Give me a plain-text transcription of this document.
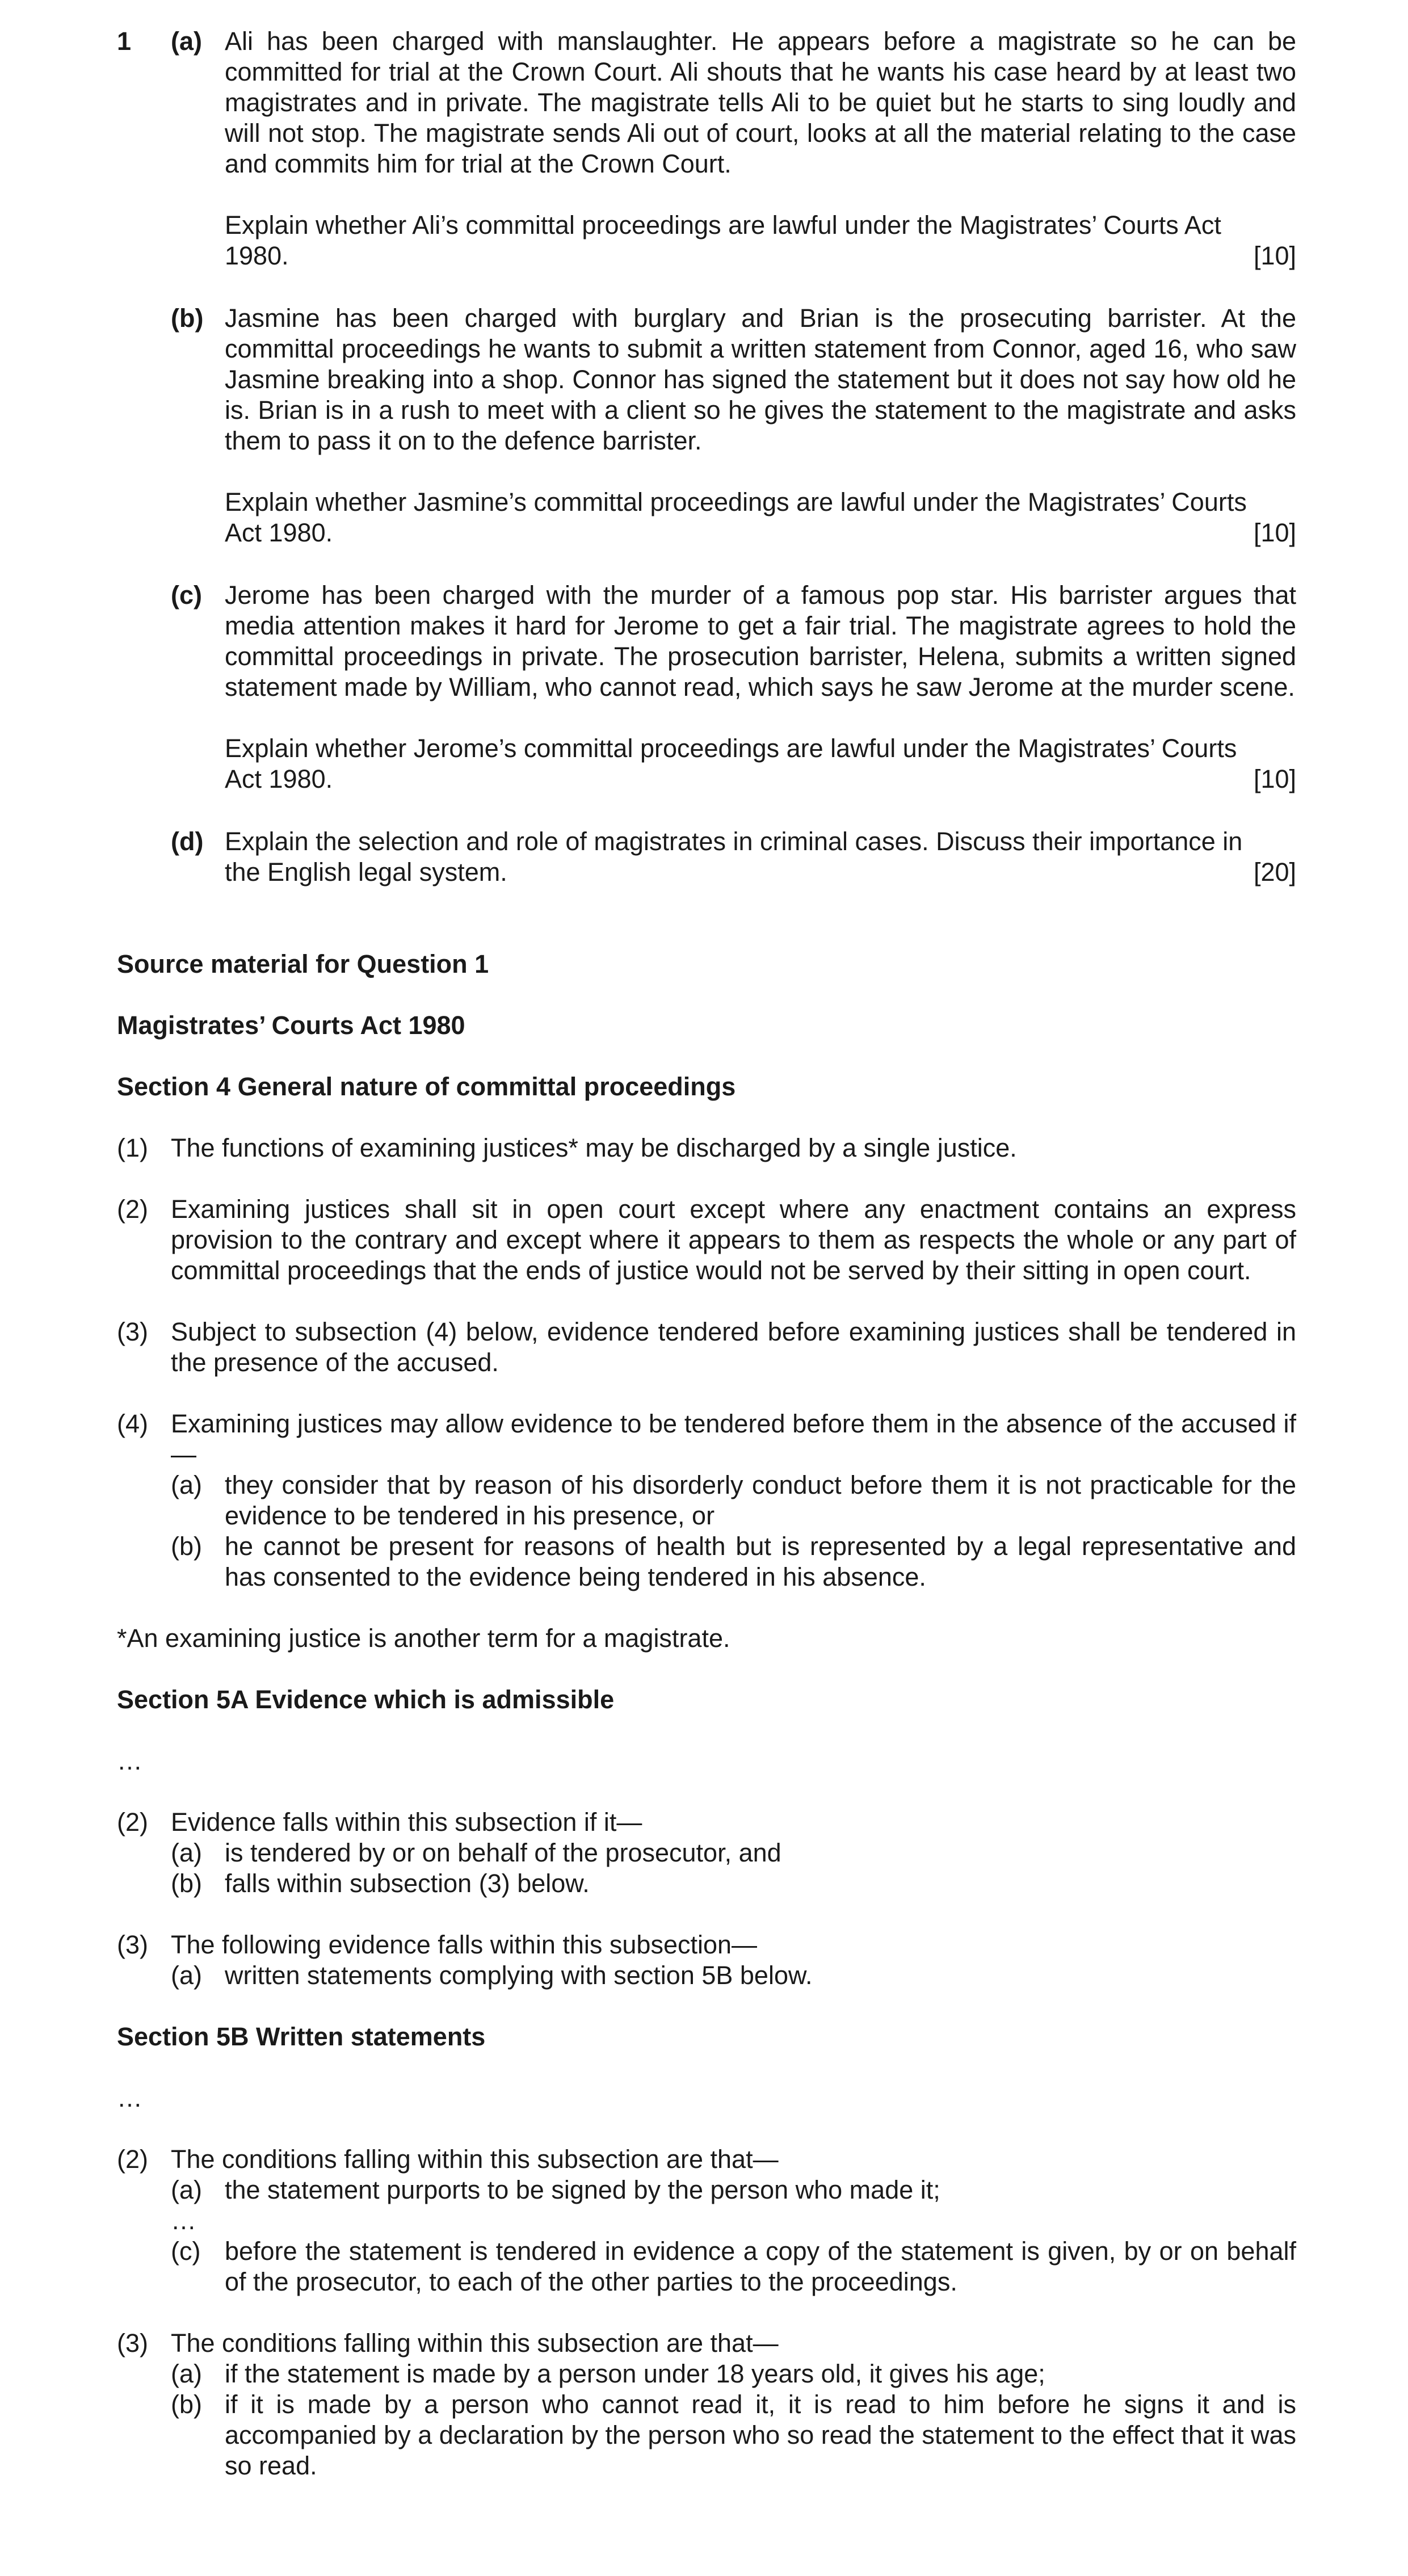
1 (a) Ali has been charged with manslaughter. He appears before a magistrate so he can be committed for trial at the Crown Court. Ali shouts that he wants his case heard by at least two magistrates and in private. The magistrate tells Ali to be quiet but he starts to sing loudly and will not stop. The magistrate sends Ali out of court, looks at all the material relating to the case and commits him for trial at the Crown Court.

Explain whether Ali’s committal proceedings are lawful under the Magistrates’ Courts Act

1980.	[10]
(b) Jasmine has been charged with burglary and Brian is the prosecuting barrister. At the committal proceedings he wants to submit a written statement from Connor, aged 16, who saw Jasmine breaking into a shop. Connor has signed the statement but it does not say how old he is. Brian is in a rush to meet with a client so he gives the statement to the magistrate and asks them to pass it on to the defence barrister.

Explain whether Jasmine’s committal proceedings are lawful under the Magistrates’ Courts

Act 1980.	[10]
(c) Jerome has been charged with the murder of a famous pop star. His barrister argues that media attention makes it hard for Jerome to get a fair trial. The magistrate agrees to hold the committal proceedings in private. The prosecution barrister, Helena, submits a written signed statement made by William, who cannot read, which says he saw Jerome at the murder scene.

Explain whether Jerome’s committal proceedings are lawful under the Magistrates’ Courts

Act 1980.	[10]
(d) Explain the selection and role of magistrates in criminal cases. Discuss their importance in

the English legal system.	[20]

Source material for Question 1

Magistrates’ Courts Act 1980

Section 4 General nature of committal proceedings

(1) The functions of examining justices* may be discharged by a single justice.
(2) Examining justices shall sit in open court except where any enactment contains an express provision to the contrary and except where it appears to them as respects the whole or any part of committal proceedings that the ends of justice would not be served by their sitting in open court.
(3) Subject to subsection (4) below, evidence tendered before examining justices shall be tendered in the presence of the accused.
(4) Examining justices may allow evidence to be tendered before them in the absence of the accused if—
(a) they consider that by reason of his disorderly conduct before them it is not practicable for the evidence to be tendered in his presence, or
(b) he cannot be present for reasons of health but is represented by a legal representative and has consented to the evidence being tendered in his absence.

*An examining justice is another term for a magistrate.

Section 5A Evidence which is admissible

…

(2) Evidence falls within this subsection if it—
(a) is tendered by or on behalf of the prosecutor, and
(b) falls within subsection (3) below.
(3) The following evidence falls within this subsection—
(a) written statements complying with section 5B below.

Section 5B Written statements

…

(2) The conditions falling within this subsection are that—
(a) the statement purports to be signed by the person who made it;
…
(c) before the statement is tendered in evidence a copy of the statement is given, by or on behalf of the prosecutor, to each of the other parties to the proceedings.
(3) The conditions falling within this subsection are that—
(a) if the statement is made by a person under 18 years old, it gives his age;
(b) if it is made by a person who cannot read it, it is read to him before he signs it and is accompanied by a declaration by the person who so read the statement to the effect that it was so read.
